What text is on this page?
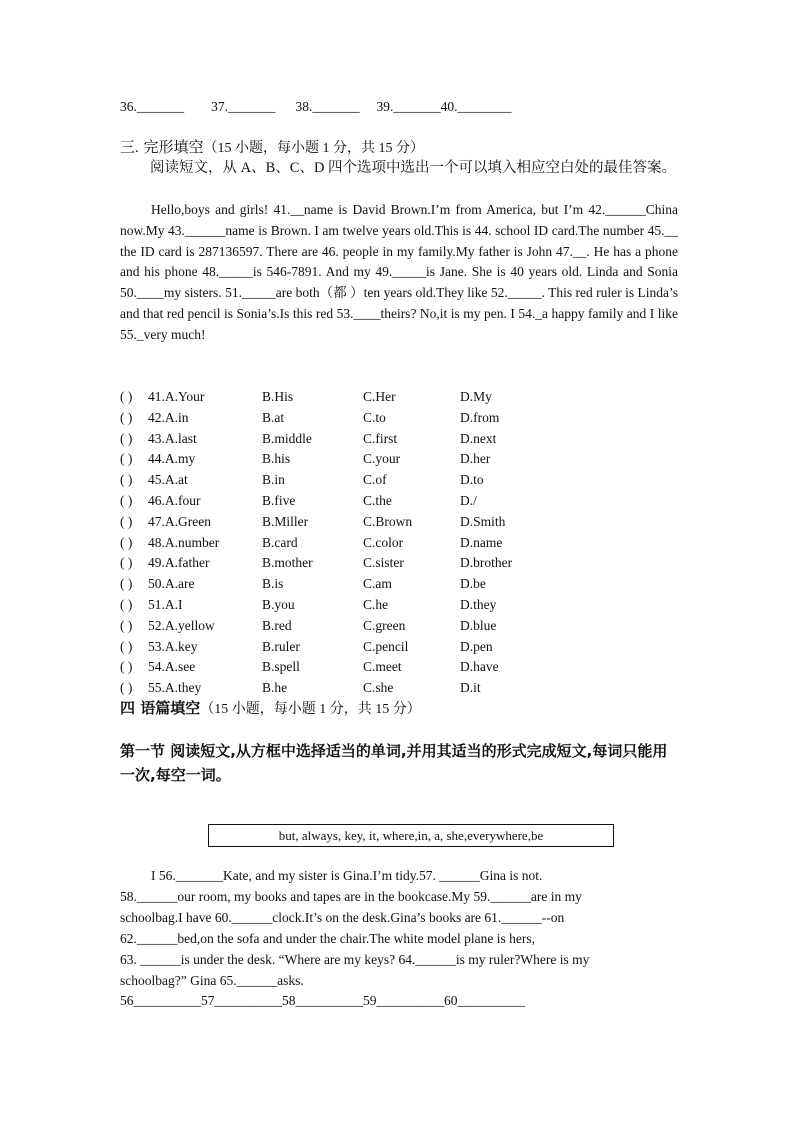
36._______        37._______      38._______     39._______40.________
三. 完形填空（15 小题，每小题 1 分，共 15 分）
阅读短文，从 A、B、C、D 四个选项中选出一个可以填入相应空白处的最佳答案。
Hello,boys and girls! 41.__name is David Brown.I’m from America, but I’m 42.______China now.My 43.______name is Brown. I am twelve years old.This is 44. school ID card.The number 45.__ the ID card is 287136597. There are 46. people in my family.My father is John 47.__. He has a phone and his phone 48._____is 546-7891. And my 49._____is Jane. She is 40 years old. Linda and Sonia 50.____my sisters. 51._____are both（都 ）ten years old.They like 52._____. This red ruler is Linda’s and that red pencil is Sonia’s.Is this red 53.____theirs? No,it is my pen. I 54._a happy family and I like 55._very much!
( ) 41.A.Your	B.His	C.Her	D.My
( ) 42.A.in	B.at	C.to	D.from
( ) 43.A.last	B.middle	C.first	D.next
( ) 44.A.my	B.his	C.your	D.her
( ) 45.A.at	B.in	C.of	D.to
( ) 46.A.four	B.five	C.the	D./
( ) 47.A.Green	B.Miller	C.Brown	D.Smith
( ) 48.A.number	B.card	C.color	D.name
( ) 49.A.father	B.mother	C.sister	D.brother
( ) 50.A.are	B.is	C.am	D.be
( ) 51.A.I	B.you	C.he	D.they
( ) 52.A.yellow	B.red	C.green	D.blue
( ) 53.A.key	B.ruler	C.pencil	D.pen
( ) 54.A.see	B.spell	C.meet	D.have
( ) 55.A.they	B.he	C.she	D.it
四 语篇填空（15 小题，每小题 1 分，共 15 分）
第一节 阅读短文,从方框中选择适当的单词,并用其适当的形式完成短文,每词只能用一次,每空一词。
but, always, key, it, where,in, a, she,everywhere,be
I 56._______Kate, and my sister is Gina.I’m tidy.57. ______Gina is not.
58.______our room, my books and tapes are in the bookcase.My 59.______are in my
schoolbag.I have 60.______clock.It’s on the desk.Gina’s books are 61.______--on
62.______bed,on the sofa and under the chair.The white model plane is hers,
63. ______is under the desk. “Where are my keys? 64.______is my ruler?Where is my
schoolbag?” Gina 65.______asks.
56__________57__________58__________59__________60__________
